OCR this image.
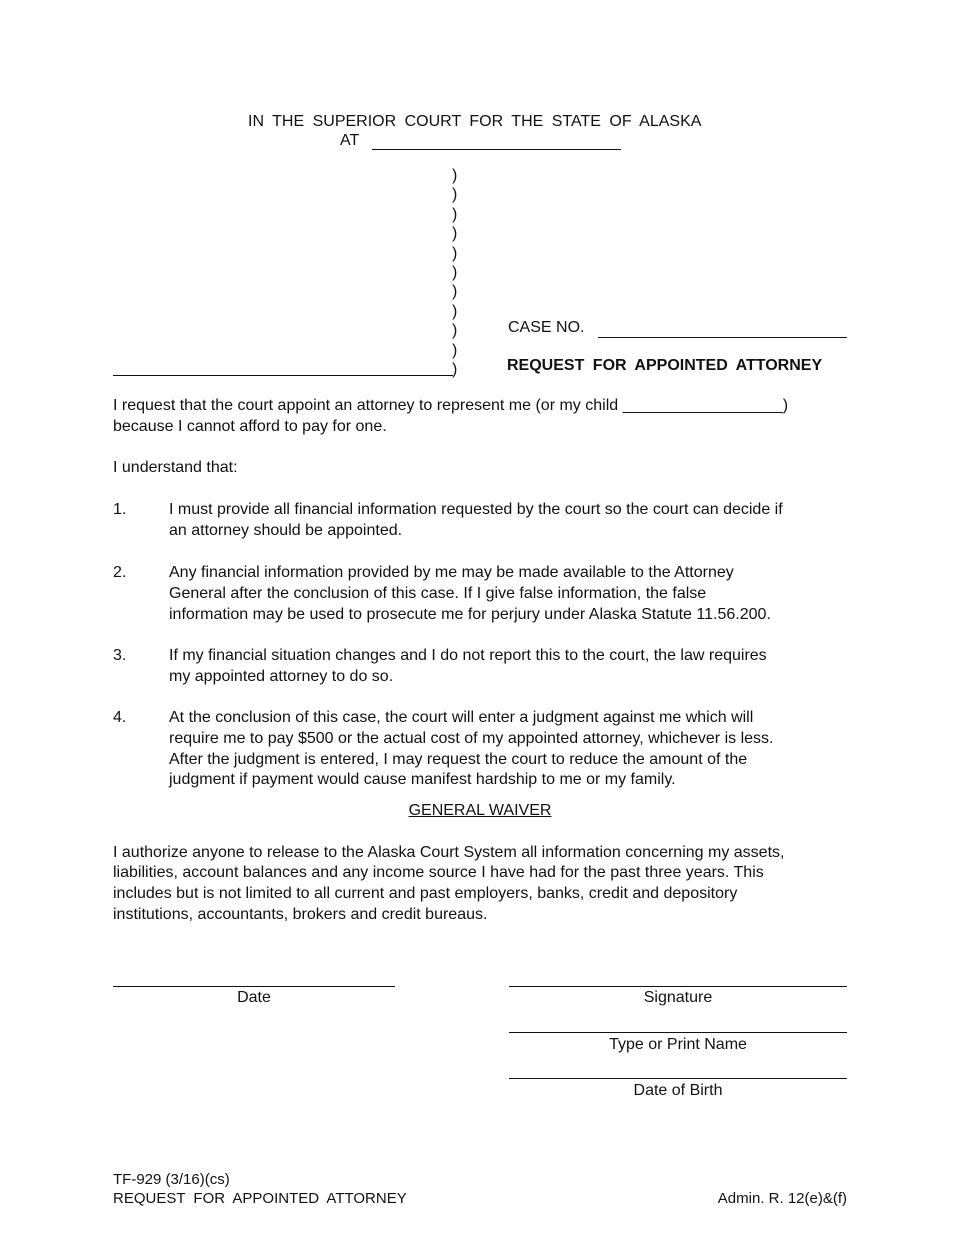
IN THE SUPERIOR COURT FOR THE STATE OF ALASKA
AT
)
)
)
)
)
)
)
)
)
)
)
CASE NO.
REQUEST FOR APPOINTED ATTORNEY
I request that the court appoint an attorney to represent me (or my child __________________)
because I cannot afford to pay for one.
I understand that:
1.	I must provide all financial information requested by the court so the court can decide if
an attorney should be appointed.
2.	Any financial information provided by me may be made available to the Attorney
General after the conclusion of this case. If I give false information, the false
information may be used to prosecute me for perjury under Alaska Statute 11.56.200.
3.	If my financial situation changes and I do not report this to the court, the law requires
my appointed attorney to do so.
4.	At the conclusion of this case, the court will enter a judgment against me which will
require me to pay $500 or the actual cost of my appointed attorney, whichever is less.
After the judgment is entered, I may request the court to reduce the amount of the
judgment if payment would cause manifest hardship to me or my family.
GENERAL WAIVER
I authorize anyone to release to the Alaska Court System all information concerning my assets,
liabilities, account balances and any income source I have had for the past three years. This
includes but is not limited to all current and past employers, banks, credit and depository
institutions, accountants, brokers and credit bureaus.
Date	Signature
Type or Print Name
Date of Birth
TF-929 (3/16)(cs)
REQUEST FOR APPOINTED ATTORNEY	Admin. R. 12(e)&(f)
